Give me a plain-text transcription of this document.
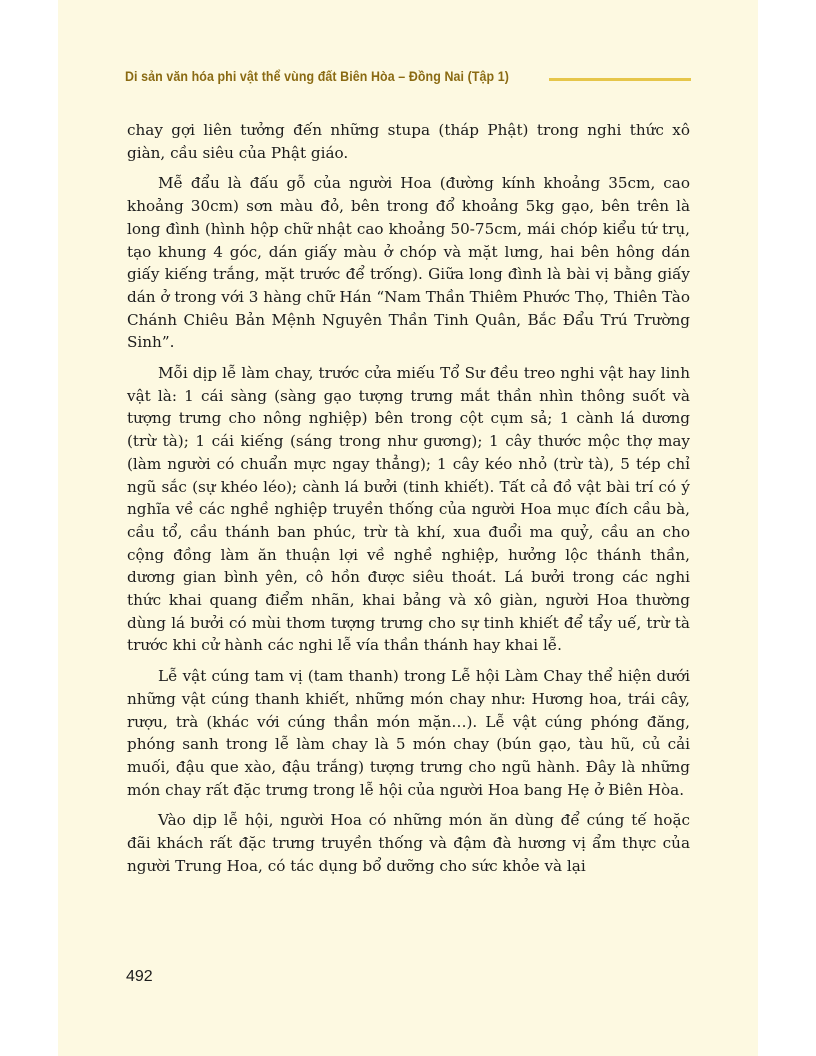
Di sản văn hóa phi vật thể vùng đất Biên Hòa – Đồng Nai (Tập 1)

chay gợi liên tưởng đến những stupa (tháp Phật) trong nghi thức xô giàn, cầu siêu của Phật giáo.

Mễ đẩu là đấu gỗ của người Hoa (đường kính khoảng 35cm, cao khoảng 30cm) sơn màu đỏ, bên trong đổ khoảng 5kg gạo, bên trên là long đình (hình hộp chữ nhật cao khoảng 50-75cm, mái chóp kiểu tứ trụ, tạo khung 4 góc, dán giấy màu ở chóp và mặt lưng, hai bên hông dán giấy kiếng trắng, mặt trước để trống). Giữa long đình là bài vị bằng giấy dán ở trong với 3 hàng chữ Hán “Nam Thần Thiêm Phước Thọ, Thiên Tào Chánh Chiêu Bản Mệnh Nguyên Thần Tinh Quân, Bắc Đẩu Trú Trường Sinh”.

Mỗi dịp lễ làm chay, trước cửa miếu Tổ Sư đều treo nghi vật hay linh vật là: 1 cái sàng (sàng gạo tượng trưng mắt thần nhìn thông suốt và tượng trưng cho nông nghiệp) bên trong cột cụm sả; 1 cành lá dương (trừ tà); 1 cái kiếng (sáng trong như gương); 1 cây thước mộc thợ may (làm người có chuẩn mực ngay thẳng); 1 cây kéo nhỏ (trừ tà), 5 tép chỉ ngũ sắc (sự khéo léo); cành lá bưởi (tinh khiết). Tất cả đồ vật bài trí có ý nghĩa về các nghề nghiệp truyền thống của người Hoa mục đích cầu bà, cầu tổ, cầu thánh ban phúc, trừ tà khí, xua đuổi ma quỷ, cầu an cho cộng đồng làm ăn thuận lợi về nghề nghiệp, hưởng lộc thánh thần, dương gian bình yên, cô hồn được siêu thoát. Lá bưởi trong các nghi thức khai quang điểm nhãn, khai bảng và xô giàn, người Hoa thường dùng lá bưởi có mùi thơm tượng trưng cho sự tinh khiết để tẩy uế, trừ tà trước khi cử hành các nghi lễ vía thần thánh hay khai lễ.

Lễ vật cúng tam vị (tam thanh) trong Lễ hội Làm Chay thể hiện dưới những vật cúng thanh khiết, những món chay như: Hương hoa, trái cây, rượu, trà (khác với cúng thần món mặn…). Lễ vật cúng phóng đăng, phóng sanh trong lễ làm chay là 5 món chay (bún gạo, tàu hũ, củ cải muối, đậu que xào, đậu trắng) tượng trưng cho ngũ hành. Đây là những món chay rất đặc trưng trong lễ hội của người Hoa bang Hẹ ở Biên Hòa.

Vào dịp lễ hội, người Hoa có những món ăn dùng để cúng tế hoặc đãi khách rất đặc trưng truyền thống và đậm đà hương vị ẩm thực của người Trung Hoa, có tác dụng bổ dưỡng cho sức khỏe và lại

492
